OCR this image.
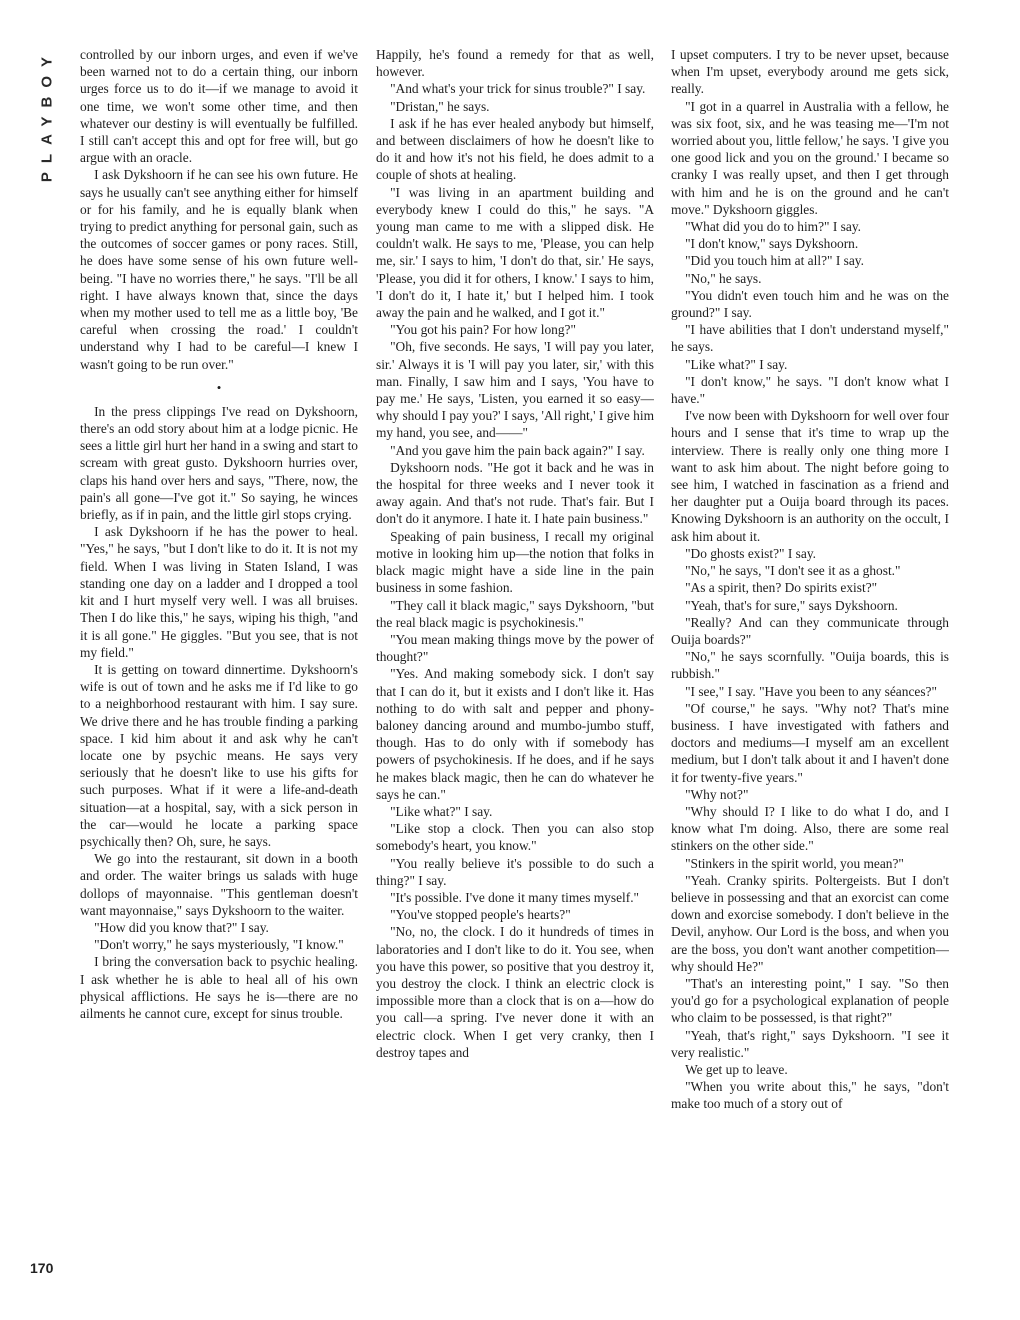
PLAYBOY controlled by our inborn urges, and even if we've been warned not to do a certain thing, our inborn urges force us to do it—if we manage to avoid it one time, we won't some other time, and then whatever our destiny is will eventually be fulfilled. I still can't accept this and opt for free will, but go argue with an oracle.

I ask Dykshoorn if he can see his own future. He says he usually can't see anything either for himself or for his family, and he is equally blank when trying to predict anything for personal gain, such as the outcomes of soccer games or pony races. Still, he does have some sense of his own future well-being. "I have no worries there," he says. "I'll be all right. I have always known that, since the days when my mother used to tell me as a little boy, 'Be careful when crossing the road.' I couldn't understand why I had to be careful—I knew I wasn't going to be run over."

•

In the press clippings I've read on Dykshoorn, there's an odd story about him at a lodge picnic. He sees a little girl hurt her hand in a swing and start to scream with great gusto. Dykshoorn hurries over, claps his hand over hers and says, "There, now, the pain's all gone—I've got it." So saying, he winces briefly, as if in pain, and the little girl stops crying.

I ask Dykshoorn if he has the power to heal. "Yes," he says, "but I don't like to do it. It is not my field. When I was living in Staten Island, I was standing one day on a ladder and I dropped a tool kit and I hurt myself very well. I was all bruises. Then I do like this," he says, wiping his thigh, "and it is all gone." He giggles. "But you see, that is not my field."

It is getting on toward dinnertime. Dykshoorn's wife is out of town and he asks me if I'd like to go to a neighborhood restaurant with him. I say sure. We drive there and he has trouble finding a parking space. I kid him about it and ask why he can't locate one by psychic means. He says very seriously that he doesn't like to use his gifts for such purposes. What if it were a life-and-death situation—at a hospital, say, with a sick person in the car—would he locate a parking space psychically then? Oh, sure, he says.

We go into the restaurant, sit down in a booth and order. The waiter brings us salads with huge dollops of mayonnaise. "This gentleman doesn't want mayonnaise," says Dykshoorn to the waiter.

"How did you know that?" I say.

"Don't worry," he says mysteriously, "I know."

I bring the conversation back to psychic healing. I ask whether he is able to heal all of his own physical afflictions. He says he is—there are no ailments he cannot cure, except for sinus trouble.

Happily, he's found a remedy for that as well, however.

"And what's your trick for sinus trouble?" I say.

"Dristan," he says.

I ask if he has ever healed anybody but himself, and between disclaimers of how he doesn't like to do it and how it's not his field, he does admit to a couple of shots at healing.

"I was living in an apartment building and everybody knew I could do this," he says. "A young man came to me with a slipped disk. He couldn't walk. He says to me, 'Please, you can help me, sir.' I says to him, 'I don't do that, sir.' He says, 'Please, you did it for others, I know.' I says to him, 'I don't do it, I hate it,' but I helped him. I took away the pain and he walked, and I got it."

"You got his pain? For how long?"

"Oh, five seconds. He says, 'I will pay you later, sir.' Always it is 'I will pay you later, sir,' with this man. Finally, I saw him and I says, 'You have to pay me.' He says, 'Listen, you earned it so easy—why should I pay you?' I says, 'All right,' I give him my hand, you see, and——"

"And you gave him the pain back again?" I say.

Dykshoorn nods. "He got it back and he was in the hospital for three weeks and I never took it away again. And that's not rude. That's fair. But I don't do it anymore. I hate it. I hate pain business."

Speaking of pain business, I recall my original motive in looking him up—the notion that folks in black magic might have a side line in the pain business in some fashion.

"They call it black magic," says Dykshoorn, "but the real black magic is psychokinesis."

"You mean making things move by the power of thought?"

"Yes. And making somebody sick. I don't say that I can do it, but it exists and I don't like it. Has nothing to do with salt and pepper and phony-baloney dancing around and mumbo-jumbo stuff, though. Has to do only with if somebody has powers of psychokinesis. If he does, and if he says he makes black magic, then he can do whatever he says he can."

"Like what?" I say.

"Like stop a clock. Then you can also stop somebody's heart, you know."

"You really believe it's possible to do such a thing?" I say.

"It's possible. I've done it many times myself."

"You've stopped people's hearts?"

"No, no, the clock. I do it hundreds of times in laboratories and I don't like to do it. You see, when you have this power, so positive that you destroy it, you destroy the clock. I think an electric clock is impossible more than a clock that is on a—how do you call—a spring. I've never done it with an electric clock. When I get very cranky, then I destroy tapes and

I upset computers. I try to be never upset, because when I'm upset, everybody around me gets sick, really.

"I got in a quarrel in Australia with a fellow, he was six foot, six, and he was teasing me—'I'm not worried about you, little fellow,' he says. 'I give you one good lick and you on the ground.' I became so cranky I was really upset, and then I get through with him and he is on the ground and he can't move." Dykshoorn giggles.

"What did you do to him?" I say.

"I don't know," says Dykshoorn.

"Did you touch him at all?" I say.

"No," he says.

"You didn't even touch him and he was on the ground?" I say.

"I have abilities that I don't understand myself," he says.

"Like what?" I say.

"I don't know," he says. "I don't know what I have."

I've now been with Dykshoorn for well over four hours and I sense that it's time to wrap up the interview. There is really only one thing more I want to ask him about. The night before going to see him, I watched in fascination as a friend and her daughter put a Ouija board through its paces. Knowing Dykshoorn is an authority on the occult, I ask him about it.

"Do ghosts exist?" I say.

"No," he says, "I don't see it as a ghost."

"As a spirit, then? Do spirits exist?"

"Yeah, that's for sure," says Dykshoorn.

"Really? And can they communicate through Ouija boards?"

"No," he says scornfully. "Ouija boards, this is rubbish."

"I see," I say. "Have you been to any séances?"

"Of course," he says. "Why not? That's mine business. I have investigated with fathers and doctors and mediums—I myself am an excellent medium, but I don't talk about it and I haven't done it for twenty-five years."

"Why not?"

"Why should I? I like to do what I do, and I know what I'm doing. Also, there are some real stinkers on the other side."

"Stinkers in the spirit world, you mean?"

"Yeah. Cranky spirits. Poltergeists. But I don't believe in possessing and that an exorcist can come down and exorcise somebody. I don't believe in the Devil, anyhow. Our Lord is the boss, and when you are the boss, you don't want another competition—why should He?"

"That's an interesting point," I say. "So then you'd go for a psychological explanation of people who claim to be possessed, is that right?"

"Yeah, that's right," says Dykshoorn. "I see it very realistic."

We get up to leave.

"When you write about this," he says, "don't make too much of a story out of

170
